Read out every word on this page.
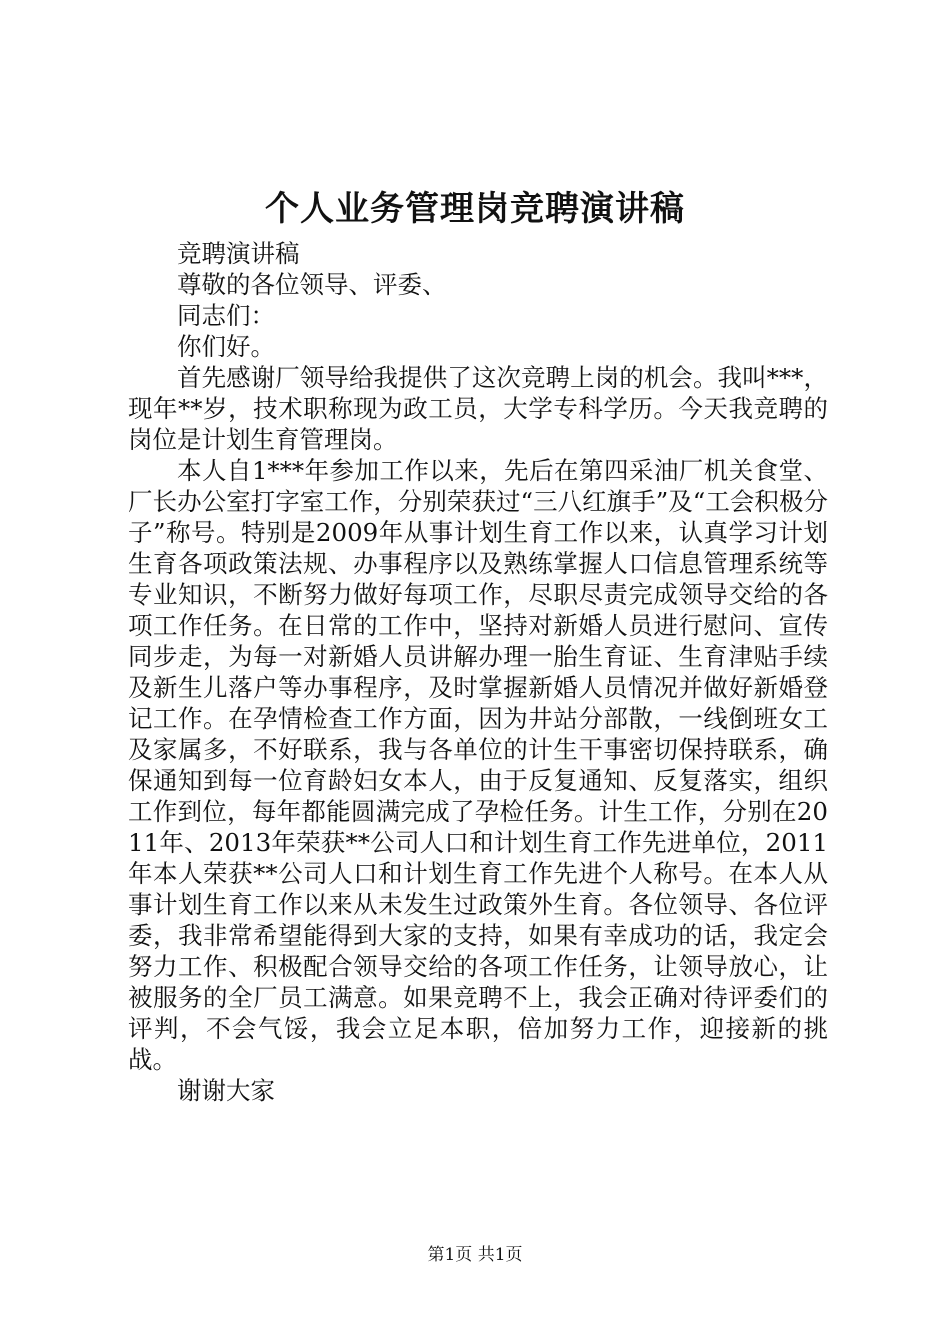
个人业务管理岗竞聘演讲稿
竞聘演讲稿
尊敬的各位领导、评委、
同志们：
你们好。
首先感谢厂领导给我提供了这次竞聘上岗的机会。我叫***，现年**岁，技术职称现为政工员，大学专科学历。今天我竞聘的岗位是计划生育管理岗。
本人自1***年参加工作以来，先后在第四采油厂机关食堂、厂长办公室打字室工作，分别荣获过“三八红旗手”及“工会积极分子”称号。特别是2009年从事计划生育工作以来，认真学习计划生育各项政策法规、办事程序以及熟练掌握人口信息管理系统等专业知识，不断努力做好每项工作，尽职尽责完成领导交给的各项工作任务。在日常的工作中，坚持对新婚人员进行慰问、宣传同步走，为每一对新婚人员讲解办理一胎生育证、生育津贴手续及新生儿落户等办事程序，及时掌握新婚人员情况并做好新婚登记工作。在孕情检查工作方面，因为井站分部散，一线倒班女工及家属多，不好联系，我与各单位的计生干事密切保持联系，确保通知到每一位育龄妇女本人，由于反复通知、反复落实，组织工作到位，每年都能圆满完成了孕检任务。计生工作，分别在2011年、2013年荣获**公司人口和计划生育工作先进单位，2011年本人荣获**公司人口和计划生育工作先进个人称号。在本人从事计划生育工作以来从未发生过政策外生育。各位领导、各位评委，我非常希望能得到大家的支持，如果有幸成功的话，我定会努力工作、积极配合领导交给的各项工作任务，让领导放心，让被服务的全厂员工满意。如果竞聘不上，我会正确对待评委们的评判，不会气馁，我会立足本职，倍加努力工作，迎接新的挑战。
谢谢大家
第1页 共1页
